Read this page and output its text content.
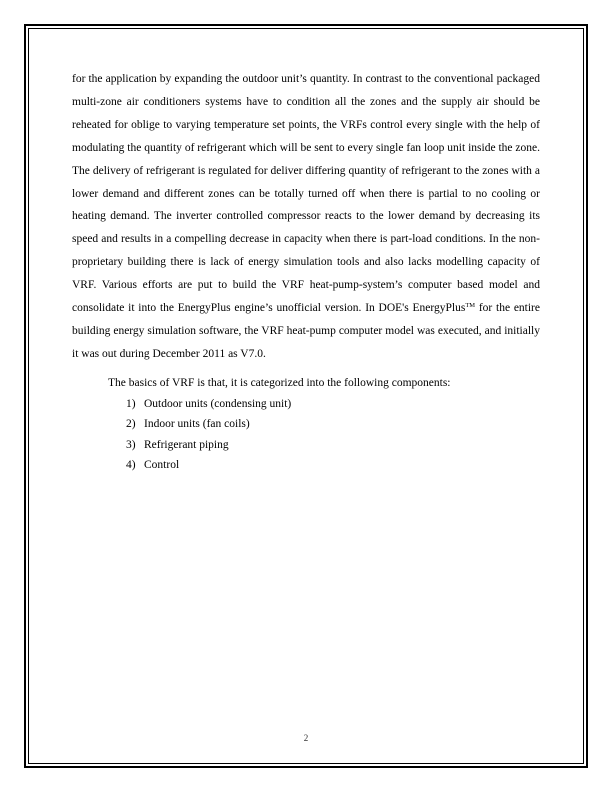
for the application by expanding the outdoor unit’s quantity. In contrast to the conventional packaged multi-zone air conditioners systems have to condition all the zones and the supply air should be reheated for oblige to varying temperature set points, the VRFs control every single with the help of modulating the quantity of refrigerant which will be sent to every single fan loop unit inside the zone. The delivery of refrigerant is regulated for deliver differing quantity of refrigerant to the zones with a lower demand and different zones can be totally turned off when there is partial to no cooling or heating demand. The inverter controlled compressor reacts to the lower demand by decreasing its speed and results in a compelling decrease in capacity when there is part-load conditions. In the non-proprietary building there is lack of energy simulation tools and also lacks modelling capacity of VRF. Various efforts are put to build the VRF heat-pump-system’s computer based model and consolidate it into the EnergyPlus engine’s unofficial version. In DOE's EnergyPlus™ for the entire building energy simulation software, the VRF heat-pump computer model was executed, and initially it was out during December 2011 as V7.0.

The basics of VRF is that, it is categorized into the following components:

1) Outdoor units (condensing unit)
2) Indoor units (fan coils)
3) Refrigerant piping
4) Control
2
